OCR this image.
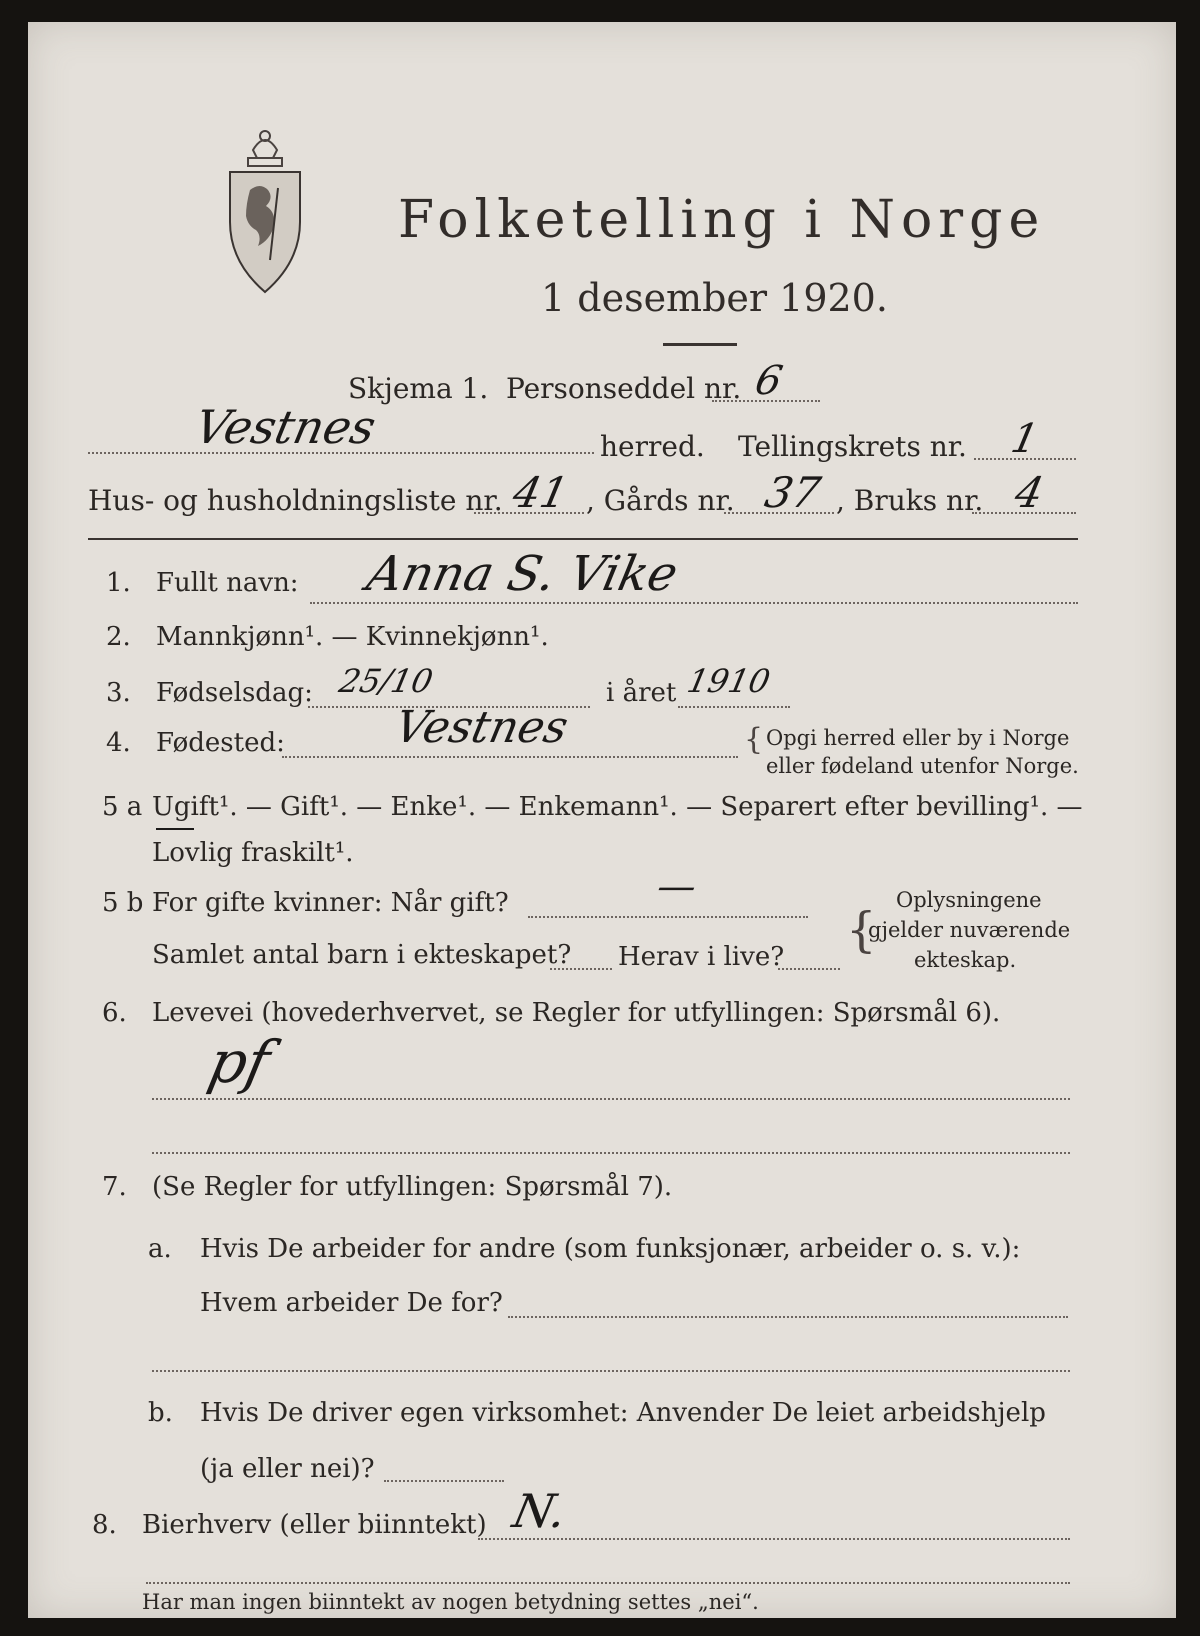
Folketelling i Norge
1 desember 1920.
Skjema 1. Personseddel nr. 6
Vestnes	herred. Tellingskrets nr. 1
Hus- og husholdningsliste nr. 41 , Gårds nr. 37 , Bruks nr. 4
1. Fullt navn: Anna S. Vike
2. Mannkjønn¹. — Kvinnekjønn¹.
3. Fødselsdag: 25/10	i året 1910
4. Fødested: Vestnes	{ Opgi herred eller by i Norge
eller fødeland utenfor Norge.
5 a Ugift¹. — Gift¹. — Enke¹. — Enkemann¹. — Separert efter bevilling¹. —
Lovlig fraskilt¹.
5 b For gifte kvinner: Når gift?	—
Samlet antal barn i ekteskapet? Herav i live? {
Oplysningene
gjelder nuværende
ekteskap.
6. Levevei (hovederhvervet, se Regler for utfyllingen: Spørsmål 6).
pf
7. (Se Regler for utfyllingen: Spørsmål 7).
a. Hvis De arbeider for andre (som funksjonær, arbeider o. s. v.):
Hvem arbeider De for?
b. Hvis De driver egen virksomhet: Anvender De leiet arbeidshjelp
(ja eller nei)?
8. Bierhverv (eller biinntekt) N.
Har man ingen biinntekt av nogen betydning settes „nei“.
